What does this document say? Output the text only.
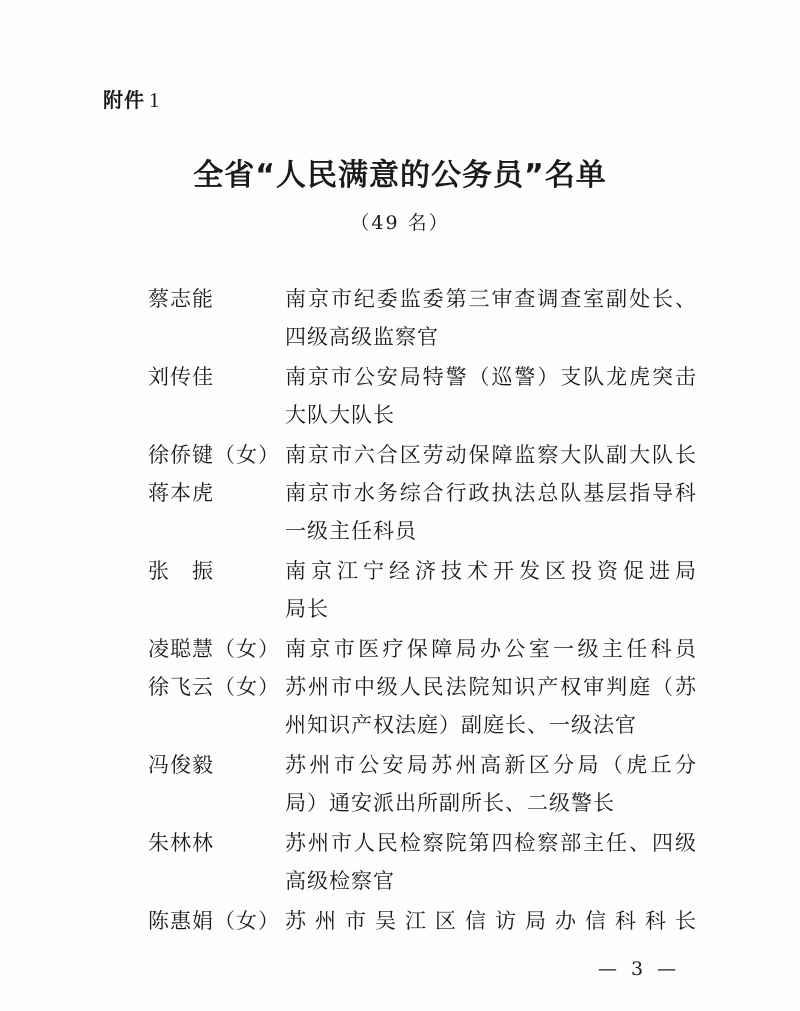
附件 1
全省“人民满意的公务员”名单
（49 名）
蔡志能	南京市纪委监委第三审查调查室副处长、
四级高级监察官
刘传佳	南京市公安局特警（巡警）支队龙虎突击
大队大队长
徐侨键（女） 南京市六合区劳动保障监察大队副大队长
蒋本虎	南京市水务综合行政执法总队基层指导科
一级主任科员
张　振	南京江宁经济技术开发区投资促进局
局长
凌聪慧（女） 南京市医疗保障局办公室一级主任科员
徐飞云（女） 苏州市中级人民法院知识产权审判庭（苏
州知识产权法庭）副庭长、一级法官
冯俊毅	苏州市公安局苏州高新区分局（虎丘分
局）通安派出所副所长、二级警长
朱林林	苏州市人民检察院第四检察部主任、四级
高级检察官
陈惠娟（女） 苏州市吴江区信访局办信科科长
— 3 —
